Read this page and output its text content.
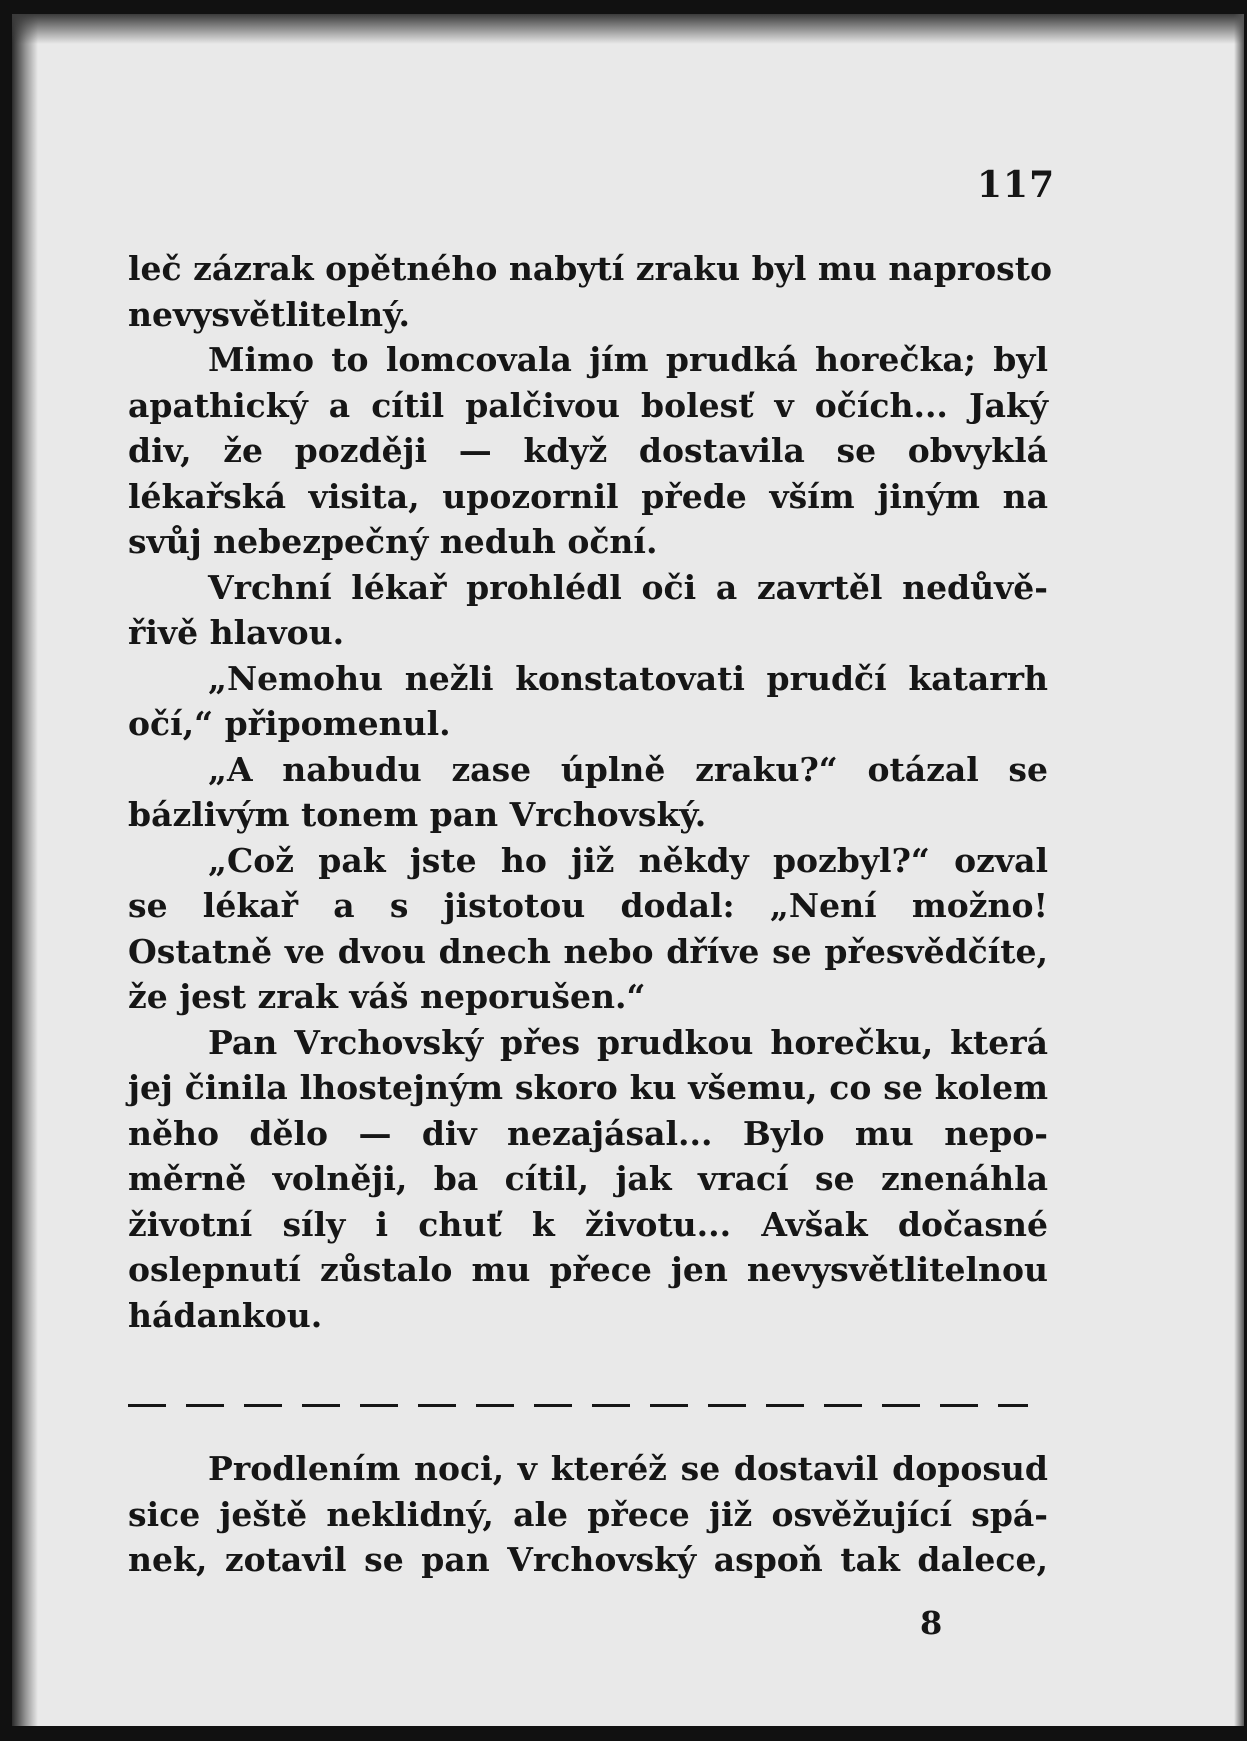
117
leč zázrak opětného nabytí zraku byl mu naprosto
nevysvětlitelný.
Mimo to lomcovala jím prudká horečka; byl
apathický a cítil palčivou bolesť v očích... Jaký
div, že později — když dostavila se obvyklá
lékařská visita, upozornil přede vším jiným na
svůj nebezpečný neduh oční.
Vrchní lékař prohlédl oči a zavrtěl nedůvě-
řivě hlavou.
„Nemohu nežli konstatovati prudčí katarrh
očí,“ připomenul.
„A nabudu zase úplně zraku?“ otázal se
bázlivým tonem pan Vrchovský.
„Což pak jste ho již někdy pozbyl?“ ozval
se lékař a s jistotou dodal: „Není možno!
Ostatně ve dvou dnech nebo dříve se přesvědčíte,
že jest zrak váš neporušen.“
Pan Vrchovský přes prudkou horečku, která
jej činila lhostejným skoro ku všemu, co se kolem
něho dělo — div nezajásal... Bylo mu nepo-
měrně volněji, ba cítil, jak vrací se znenáhla
životní síly i chuť k životu... Avšak dočasné
oslepnutí zůstalo mu přece jen nevysvětlitelnou
hádankou.
Prodlením noci, v kteréž se dostavil doposud
sice ještě neklidný, ale přece již osvěžující spá-
nek, zotavil se pan Vrchovský aspoň tak dalece,
8
